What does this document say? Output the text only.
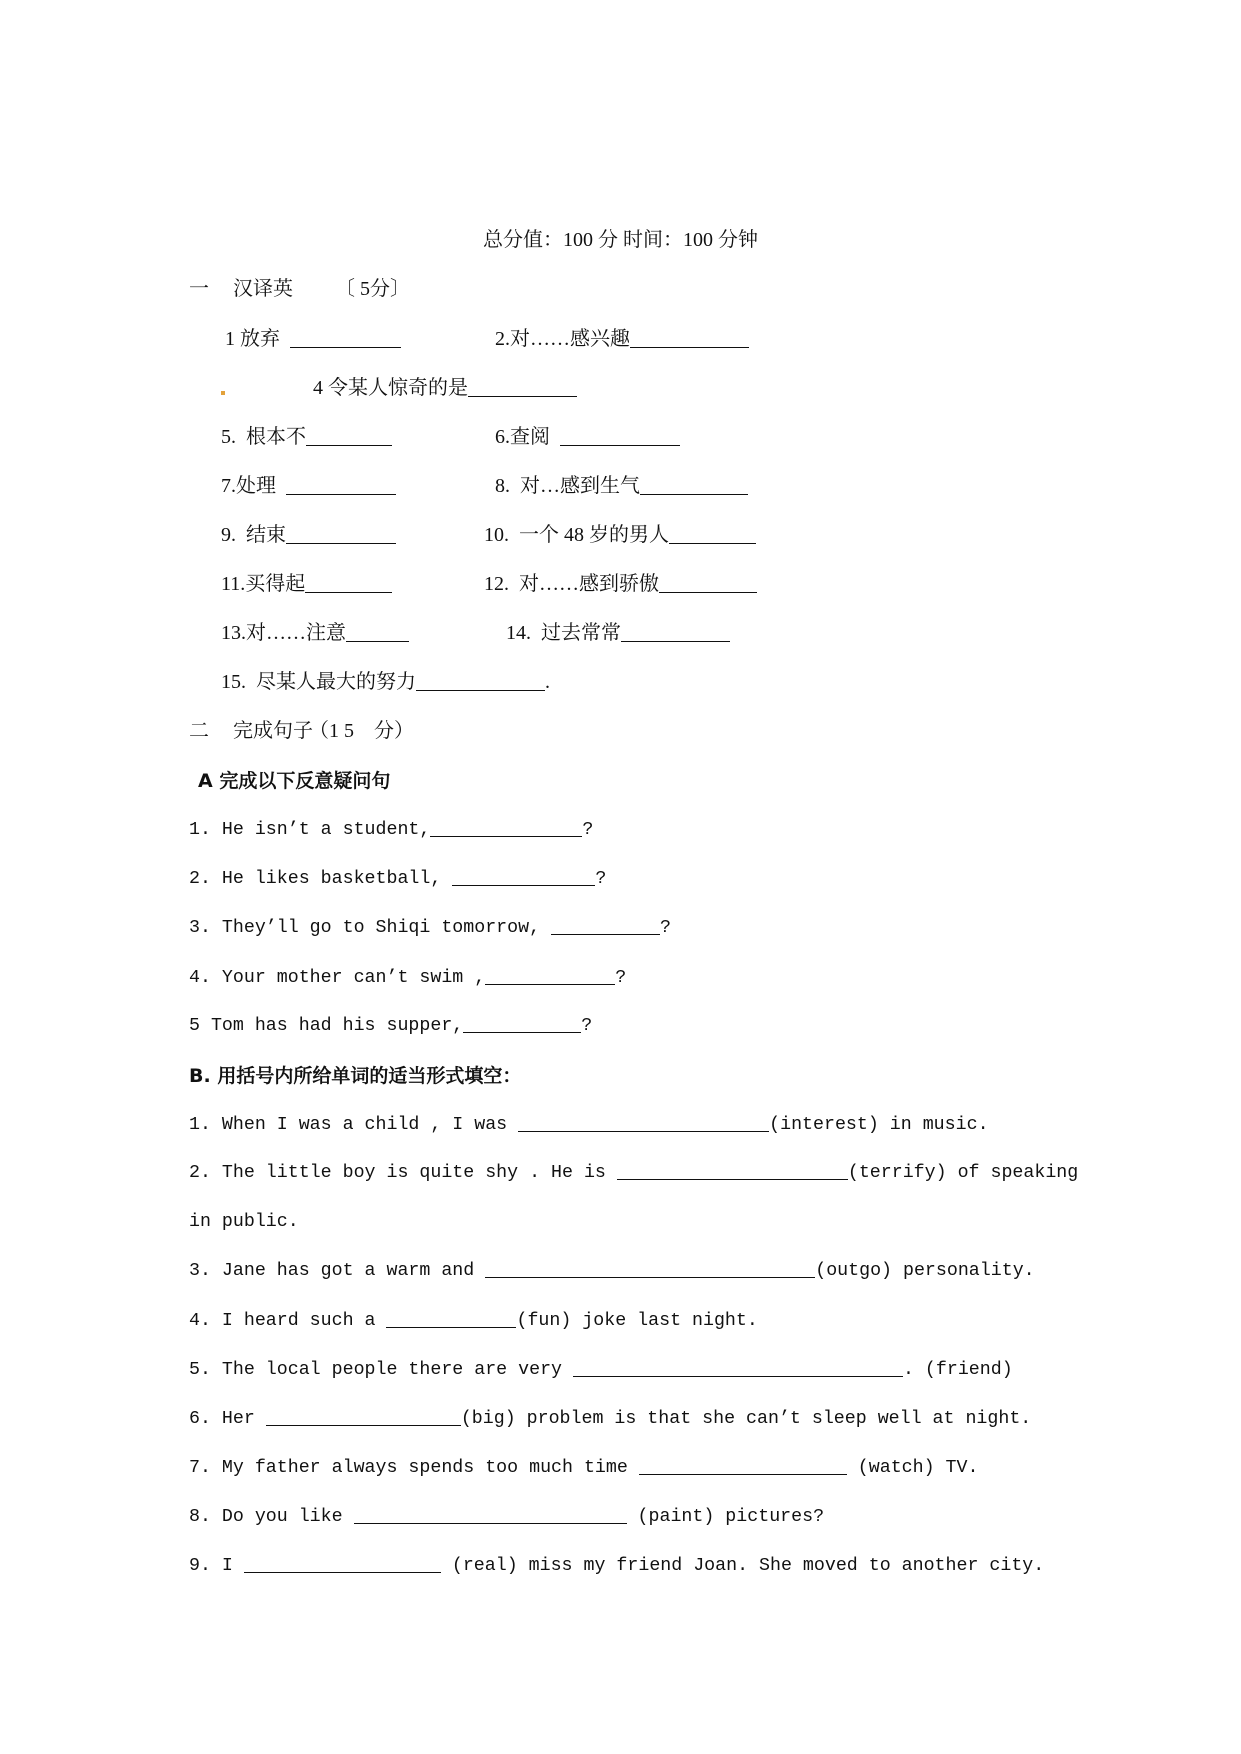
总分值：100 分 时间：100 分钟
一 汉译英 〔 5分〕
1 放弃	2.对……感兴趣
4 令某人惊奇的是
5.  根本不	6.查阅
7.处理	8.  对…感到生气
9.  结束	10.  一个 48 岁的男人
11.买得起	12.  对……感到骄傲
13.对……注意	14.  过去常常
15.  尽某人最大的努力	.
二 完成句子
（1 5　分）
A 完成以下反意疑问句
1. He isn’t a student,	?
2. He likes basketball,	?
3. They’ll go to Shiqi tomorrow,	?
4. Your mother can’t swim ,	?
5 Tom has had his supper,	?
B. 用括号内所给单词的适当形式填空：
1. When I was a child , I was	(interest) in music.
2. The little boy is quite shy . He is	(terrify) of speaking
in public.
3. Jane has got a warm and	(outgo) personality.
4. I heard such a	(fun) joke last night.
5. The local people there are very	. (friend)
6. Her	(big) problem is that she can’t sleep well at night.
7. My father always spends too much time	(watch) TV.
8. Do you like	(paint) pictures?
9. I	(real) miss my friend Joan. She moved to another city.
